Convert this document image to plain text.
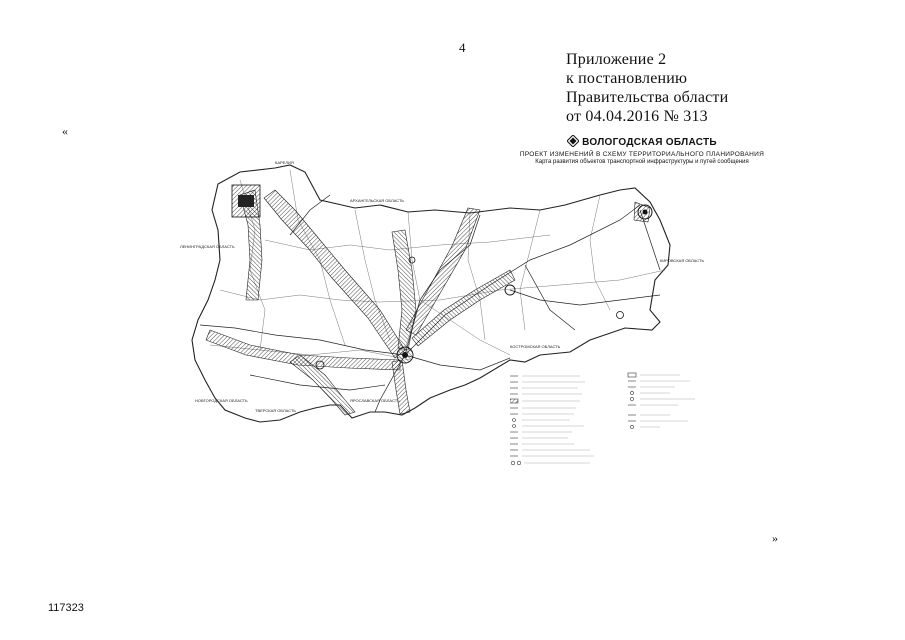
4
Приложение 2
к постановлению
Правительства области
от 04.04.2016 № 313
«
»
117323
ВОЛОГОДСКАЯ ОБЛАСТЬ
ПРОЕКТ ИЗМЕНЕНИЙ В СХЕМУ ТЕРРИТОРИАЛЬНОГО ПЛАНИРОВАНИЯ
Карта развития объектов транспортной инфраструктуры и путей сообщения
КАРЕЛИЯ
АРХАНГЕЛЬСКАЯ ОБЛАСТЬ
ЛЕНИНГРАДСКАЯ ОБЛАСТЬ
КИРОВСКАЯ ОБЛАСТЬ
НОВГОРОДСКАЯ ОБЛАСТЬ
ТВЕРСКАЯ ОБЛАСТЬ
ЯРОСЛАВСКАЯ ОБЛАСТЬ
КОСТРОМСКАЯ ОБЛАСТЬ
